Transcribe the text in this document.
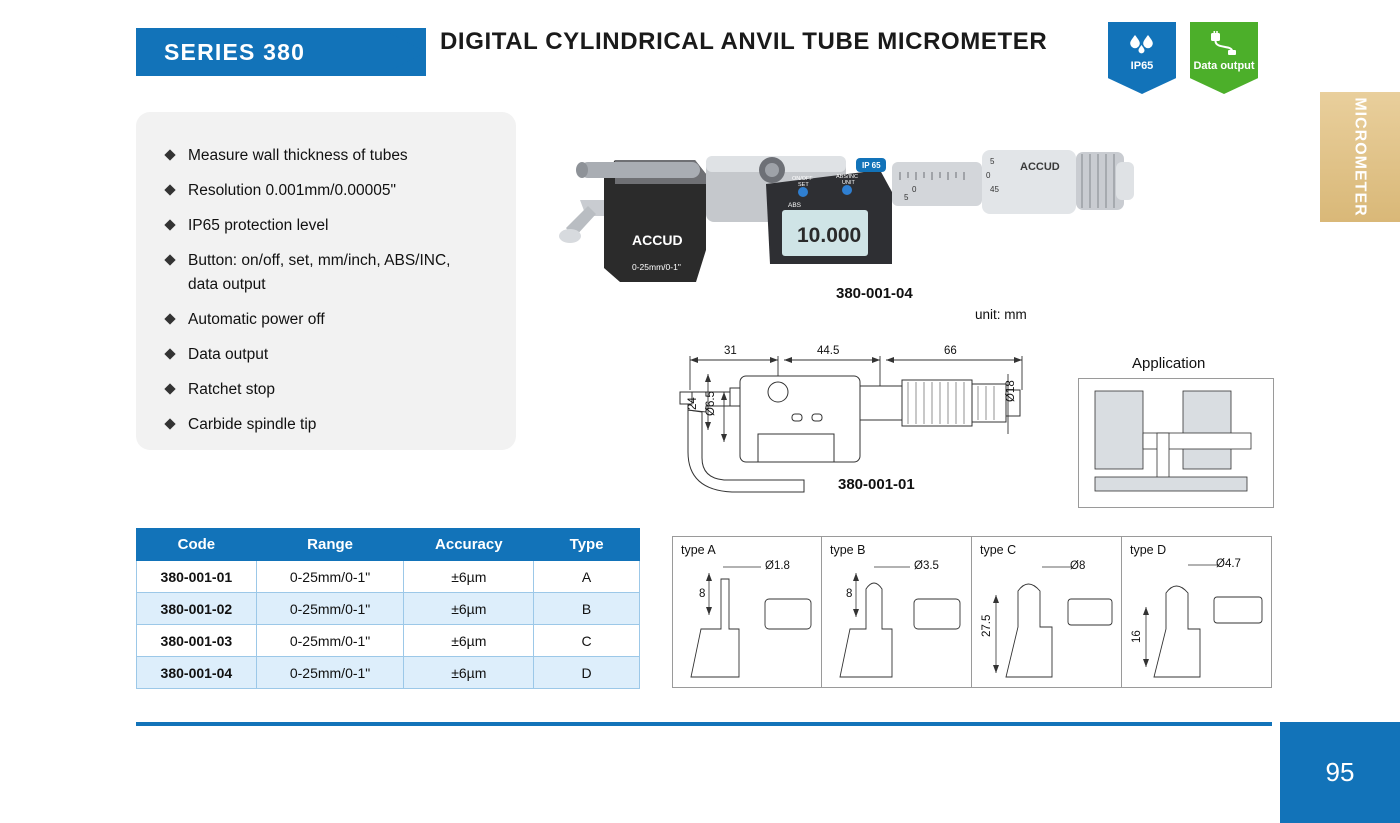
SERIES 380	DIGITAL CYLINDRICAL ANVIL TUBE MICROMETER
IP65	Data output
MICROMETER
Measure wall thickness of tubes
Resolution 0.001mm/0.00005"
IP65 protection level
Button: on/off, set, mm/inch, ABS/INC,
data output
Automatic power off
Data output
Ratchet stop
Carbide spindle tip
ACCUD
0-25mm/0-1"
10.000
ABS
ON/OFF
SET
ABS/INC
UNIT
IP 65
0
5
5
0
45
ACCUD
380-001-04
unit: mm
31	44.5	66
24 Ø6.5	Ø18
380-001-01
Application
type A
8
Ø1.8
type B
8
Ø3.5
type C
27.5
Ø8
type D
16
Ø4.7
Code	Range	Accuracy	Type
380-001-01	0-25mm/0-1"	±6µm	A
380-001-02	0-25mm/0-1"	±6µm	B
380-001-03	0-25mm/0-1"	±6µm	C
380-001-04	0-25mm/0-1"	±6µm	D
95
